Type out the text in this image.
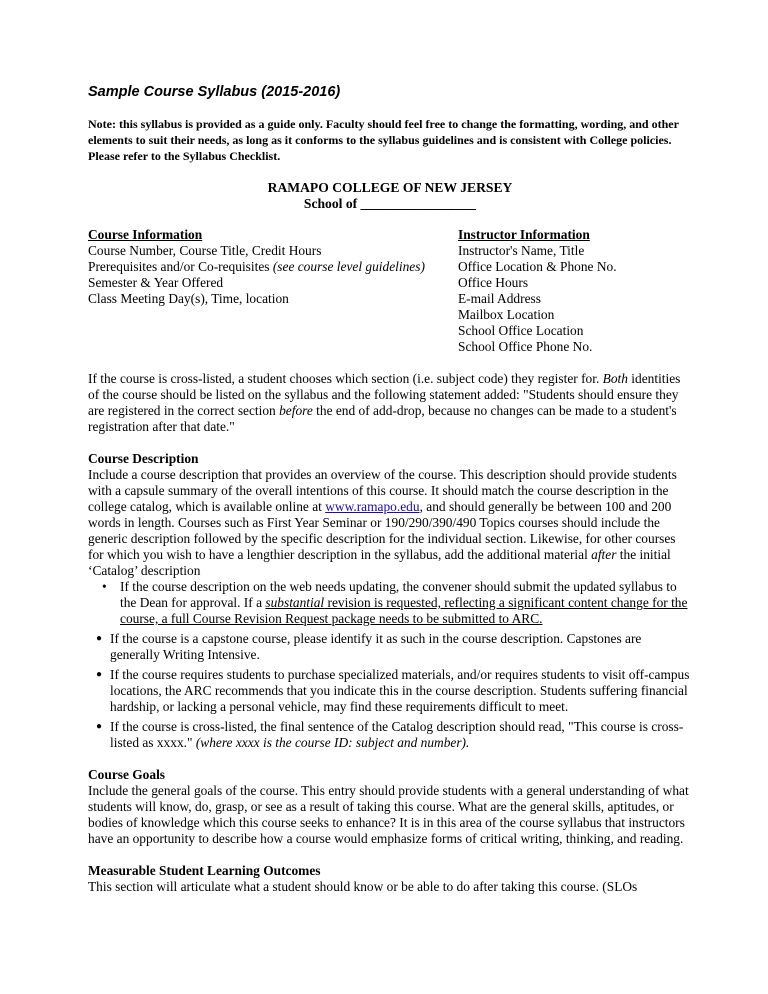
Sample Course Syllabus (2015-2016)
Note: this syllabus is provided as a guide only. Faculty should feel free to change the formatting, wording, and other elements to suit their needs, as long as it conforms to the syllabus guidelines and is consistent with College policies. Please refer to the Syllabus Checklist.
RAMAPO COLLEGE OF NEW JERSEY
School of _________________
Course Information
Course Number, Course Title, Credit Hours
Prerequisites and/or Co-requisites (see course level guidelines)
Semester & Year Offered
Class Meeting Day(s), Time, location
Instructor Information
Instructor's Name, Title
Office Location & Phone No.
Office Hours
E-mail Address
Mailbox Location
School Office Location
School Office Phone No.

If the course is cross-listed, a student chooses which section (i.e. subject code) they register for. Both identities of the course should be listed on the syllabus and the following statement added: "Students should ensure they are registered in the correct section before the end of add-drop, because no changes can be made to a student's registration after that date."

Course Description
Include a course description that provides an overview of the course. This description should provide students with a capsule summary of the overall intentions of this course. It should match the course description in the college catalog, which is available online at www.ramapo.edu, and should generally be between 100 and 200 words in length. Courses such as First Year Seminar or 190/290/390/490 Topics courses should include the generic description followed by the specific description for the individual section. Likewise, for other courses for which you wish to have a lengthier description in the syllabus, add the additional material after the initial ‘Catalog’ description
• If the course description on the web needs updating, the convener should submit the updated syllabus to the Dean for approval. If a substantial revision is requested, reflecting a significant content change for the course, a full Course Revision Request package needs to be submitted to ARC.
● If the course is a capstone course, please identify it as such in the course description. Capstones are generally Writing Intensive.
● If the course requires students to purchase specialized materials, and/or requires students to visit off-campus locations, the ARC recommends that you indicate this in the course description. Students suffering financial hardship, or lacking a personal vehicle, may find these requirements difficult to meet.
● If the course is cross-listed, the final sentence of the Catalog description should read, "This course is cross-listed as xxxx." (where xxxx is the course ID: subject and number).
Course Goals

Include the general goals of the course. This entry should provide students with a general understanding of what students will know, do, grasp, or see as a result of taking this course. What are the general skills, aptitudes, or bodies of knowledge which this course seeks to enhance? It is in this area of the course syllabus that instructors have an opportunity to describe how a course would emphasize forms of critical writing, thinking, and reading.

Measurable Student Learning Outcomes

This section will articulate what a student should know or be able to do after taking this course. (SLOs
